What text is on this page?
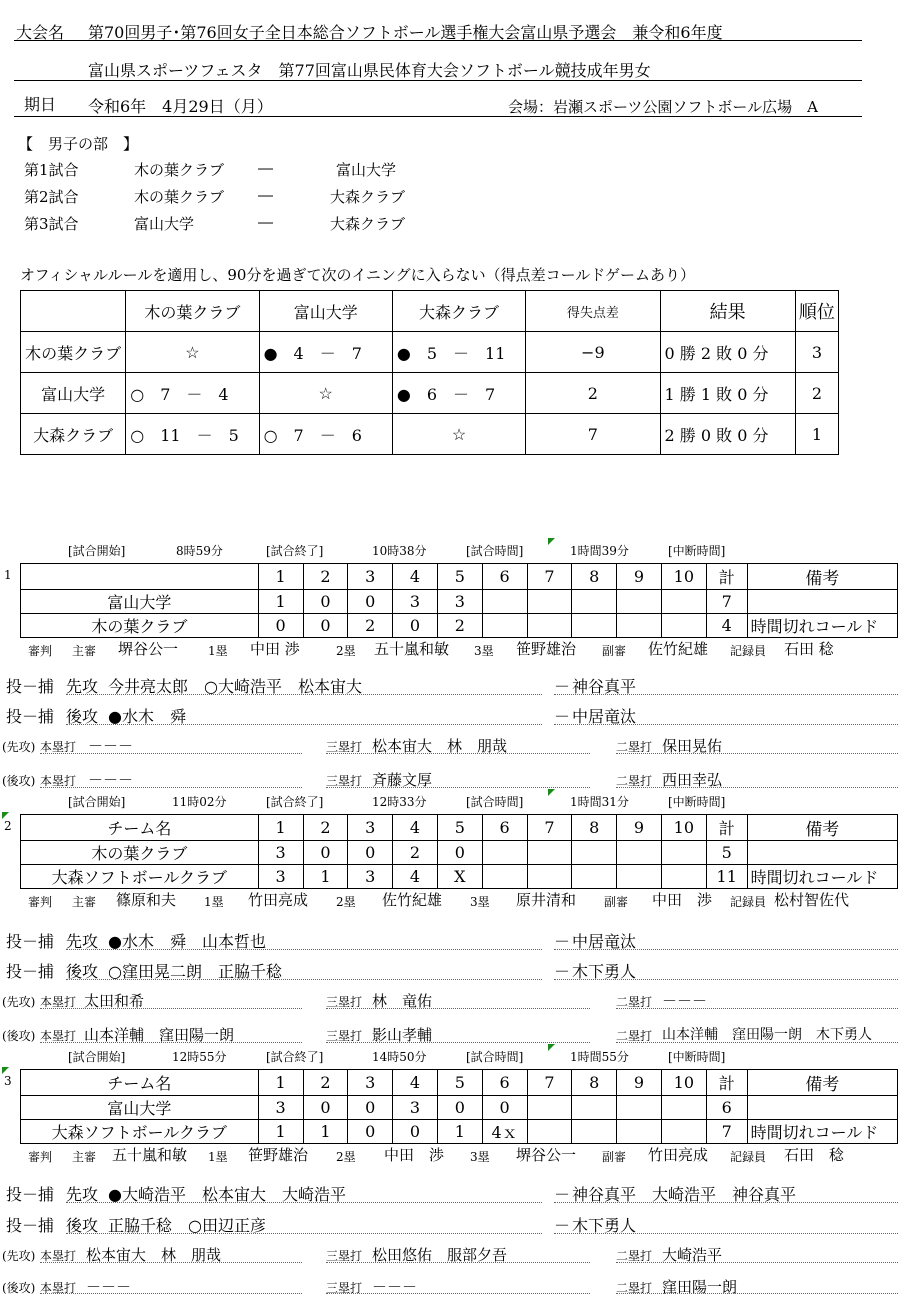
大会名 第70回男子･第76回女子全日本総合ソフトボール選手権大会富山県予選会　兼令和6年度
富山県スポーツフェスタ　第77回富山県民体育大会ソフトボール競技成年男女
期日 令和6年　4月29日（月）	会場：岩瀬スポーツ公園ソフトボール広場　A
【　男子の部　】
第1試合	木の葉クラブ ―	富山大学
第2試合	木の葉クラブ ―	大森クラブ
第3試合	富山大学	―	大森クラブ
オフィシャルルールを適用し、90分を過ぎて次のイニングに入らない（得点差コールドゲームあり）
	木の葉クラブ	富山大学	大森クラブ	得失点差	結果	順位
木の葉クラブ	☆	●　4　－　7	●　5　－　11	−9	0 勝 2 敗 0 分	3
富山大学	○　7　－　4	☆	●　6　－　7	2	1 勝 1 敗 0 分	2
大森クラブ	○　11　－　5	○　7　－　6	☆	7	2 勝 0 敗 0 分	1
[試合開始]	8時59分	[試合終了]	10時38分	[試合時間]	1時間39分	[中断時間]
1
		1	2	3	4	5	6	7	8	9	10	計	備考
富山大学	1	0	0	3	3						7	
木の葉クラブ	0	0	2	0	2						4	時間切れコールド
審判 主審 堺谷公一 1塁 中田 渉	2塁 五十嵐和敏 3塁 笹野雄治 副審 佐竹紀雄 記録員 石田 稔
投－捕 先攻 今井亮太郎　○大崎浩平　松本宙大	－ 神谷真平
投－捕 後攻 ●水木　舜	－ 中居竜汰
(先攻) 本塁打 －－－	三塁打 松本宙大　林　朋哉	二塁打 保田晃佑
(後攻) 本塁打 －－－	三塁打 斉藤文厚	二塁打 西田幸弘
[試合開始]	11時02分	[試合終了]	12時33分	[試合時間]	1時間31分	[中断時間]
2	チーム名	1	2	3	4	5	6	7	8	9	10	計	備考
木の葉クラブ	3	0	0	2	0						5	
大森ソフトボールクラブ	3	1	3	4	X						11	時間切れコールド
審判 主審 篠原和夫 1塁 竹田亮成 2塁 佐竹紀雄 3塁 原井清和 副審 中田　渉 記録員 松村智佐代
投－捕 先攻 ●水木　舜　山本哲也	－ 中居竜汰
投－捕 後攻 ○窪田晃二朗　正脇千稔	－ 木下勇人
(先攻) 本塁打 太田和希	三塁打 林　竜佑	二塁打 －－－
(後攻) 本塁打 山本洋輔　窪田陽一朗	三塁打 影山孝輔	二塁打 山本洋輔　窪田陽一朗　木下勇人
[試合開始]	12時55分	[試合終了]	14時50分	[試合時間]	1時間55分	[中断時間]
3	チーム名	1	2	3	4	5	6	7	8	9	10	計	備考
富山大学	3	0	0	3	0	0					6	
大森ソフトボールクラブ	1	1	0	0	1	4ｘ					7	時間切れコールド
審判 主審 五十嵐和敏 1塁 笹野雄治 2塁 中田　渉 3塁 堺谷公一 副審 竹田亮成 記録員 石田　稔
投－捕 先攻 ●大崎浩平　松本宙大　大崎浩平	－ 神谷真平　大崎浩平　神谷真平
投－捕 後攻 正脇千稔　○田辺正彦	－ 木下勇人
(先攻) 本塁打 松本宙大　林　朋哉	三塁打 松田悠佑　服部夕吾	二塁打 大崎浩平
(後攻) 本塁打 －－－	三塁打 －－－	二塁打 窪田陽一朗
